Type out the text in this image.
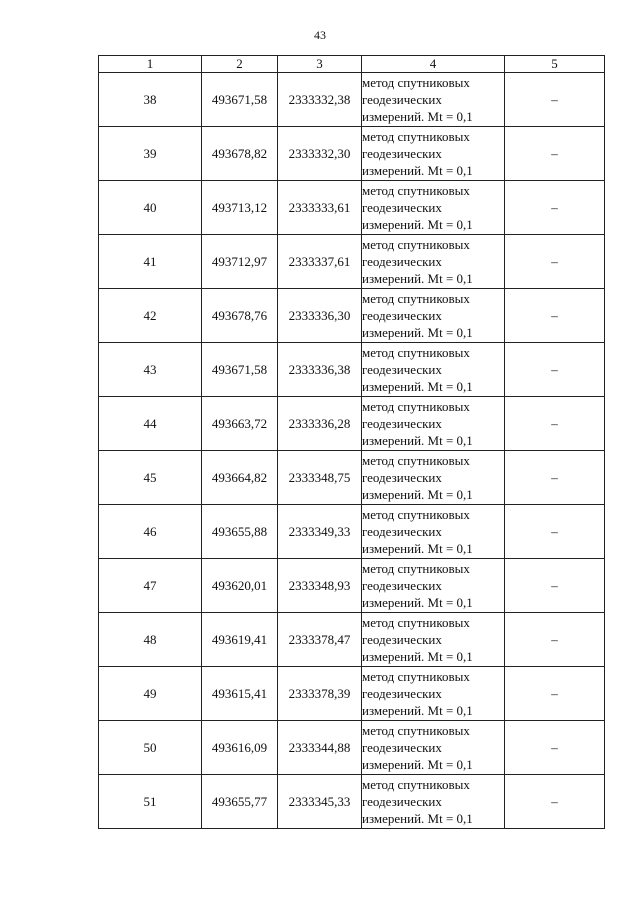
43
1	2	3	4	5
38	493671,58	2333332,38	метод спутниковых
геодезических
измерений. Mt = 0,1	–
39	493678,82	2333332,30	метод спутниковых
геодезических
измерений. Mt = 0,1	–
40	493713,12	2333333,61	метод спутниковых
геодезических
измерений. Mt = 0,1	–
41	493712,97	2333337,61	метод спутниковых
геодезических
измерений. Mt = 0,1	–
42	493678,76	2333336,30	метод спутниковых
геодезических
измерений. Mt = 0,1	–
43	493671,58	2333336,38	метод спутниковых
геодезических
измерений. Mt = 0,1	–
44	493663,72	2333336,28	метод спутниковых
геодезических
измерений. Mt = 0,1	–
45	493664,82	2333348,75	метод спутниковых
геодезических
измерений. Mt = 0,1	–
46	493655,88	2333349,33	метод спутниковых
геодезических
измерений. Mt = 0,1	–
47	493620,01	2333348,93	метод спутниковых
геодезических
измерений. Mt = 0,1	–
48	493619,41	2333378,47	метод спутниковых
геодезических
измерений. Mt = 0,1	–
49	493615,41	2333378,39	метод спутниковых
геодезических
измерений. Mt = 0,1	–
50	493616,09	2333344,88	метод спутниковых
геодезических
измерений. Mt = 0,1	–
51	493655,77	2333345,33	метод спутниковых
геодезических
измерений. Mt = 0,1	–
